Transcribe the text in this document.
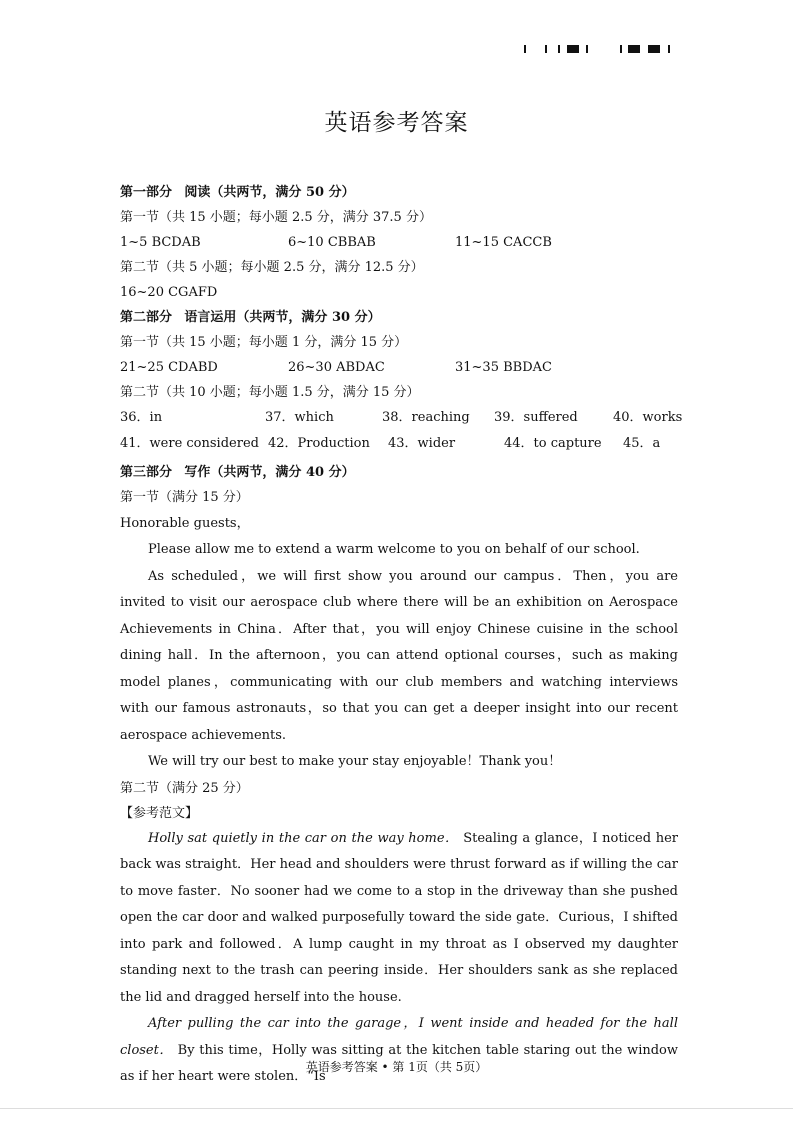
英语参考答案
第一部分 阅读（共两节，满分 50 分）
第一节（共 15 小题；每小题 2.5 分，满分 37.5 分）
1~5 BCDAB	6~10 CBBAB	11~15 CACCB
第二节（共 5 小题；每小题 2.5 分，满分 12.5 分）
16~20 CGAFD
第二部分 语言运用（共两节，满分 30 分）
第一节（共 15 小题；每小题 1 分，满分 15 分）
21~25 CDABD	26~30 ABDAC	31~35 BBDAC
第二节（共 10 小题；每小题 1.5 分，满分 15 分）
36．in	37．which	38．reaching 39．suffered	40．works
41．were considered 42．Production 43．wider	44．to capture 45．a
第三部分 写作（共两节，满分 40 分）
第一节（满分 15 分）
Honorable guests，
Please allow me to extend a warm welcome to you on behalf of our school.
As scheduled，we will first show you around our campus．Then，you are invited to visit our aerospace club where there will be an exhibition on Aerospace Achievements in China．After that，you will enjoy Chinese cuisine in the school dining hall．In the afternoon，you can attend optional courses，such as making model planes，communicating with our club members and watching interviews with our famous astronauts，so that you can get a deeper insight into our recent aerospace achievements.
We will try our best to make your stay enjoyable！Thank you！
第二节（满分 25 分）
【参考范文】
Holly sat quietly in the car on the way home． Stealing a glance，I noticed her back was straight．Her head and shoulders were thrust forward as if willing the car to move faster．No sooner had we come to a stop in the driveway than she pushed open the car door and walked purposefully toward the side gate．Curious，I shifted into park and followed．A lump caught in my throat as I observed my daughter standing next to the trash can peering inside．Her shoulders sank as she replaced the lid and dragged herself into the house.
After pulling the car into the garage，I went inside and headed for the hall closet． By this time，Holly was sitting at the kitchen table staring out the window as if her heart were stolen．“Is
英语参考答案 • 第 1页（共 5页）
